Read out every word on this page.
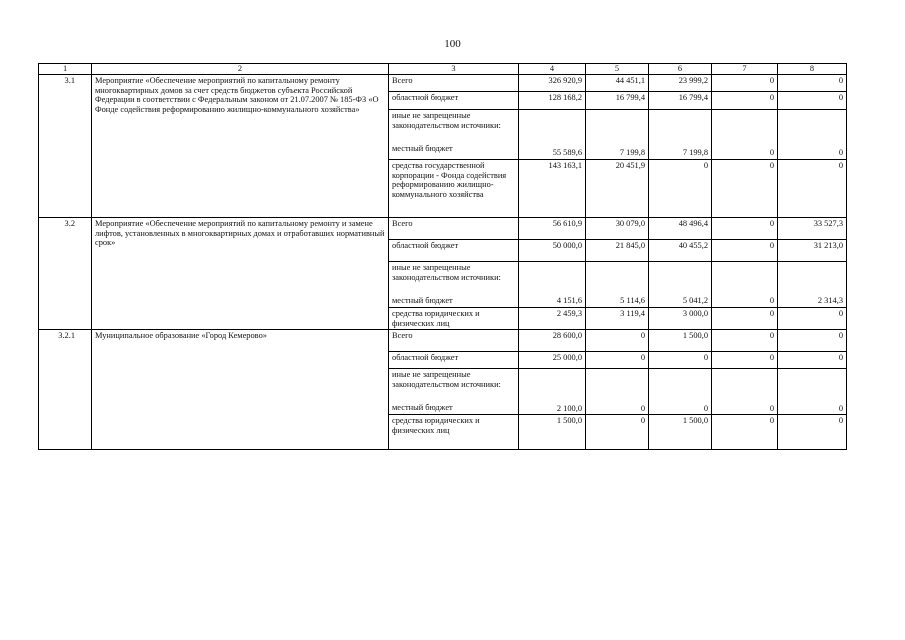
100
1	2	3	4	5	6	7	8
3.1	Мероприятие «Обеспечение мероприятий по капитальному ремонту многоквартирных домов за счет средств бюджетов субъекта Российской Федерации в соответствии с Федеральным законом от 21.07.2007 № 185-ФЗ «О Фонде содействия реформированию жилищно-коммунального хозяйства»	Всего	326 920,9	44 451,1	23 999,2	0	0
		областной бюджет	128 168,2	16 799,4	16 799,4	0	0
		иные не запрещенные законодательством источники:					
		местный бюджет	55 589,6	7 199,8	7 199,8	0	0
		средства государственной корпорации - Фонда содействия реформированию жилищно-коммунального хозяйства	143 163,1	20 451,9	0	0	0
3.2	Мероприятие «Обеспечение мероприятий по капитальному ремонту и замене лифтов, установленных в многоквартирных домах и отработавших нормативный срок»	Всего	56 610,9	30 079,0	48 496,4	0	33 527,3
		областной бюджет	50 000,0	21 845,0	40 455,2	0	31 213,0
		иные не запрещенные законодательством источники:					
		местный бюджет	4 151,6	5 114,6	5 041,2	0	2 314,3
		средства юридических и физических лиц	2 459,3	3 119,4	3 000,0	0	0
3.2.1	Муниципальное образование «Город Кемерово»	Всего	28 600,0	0	1 500,0	0	0
		областной бюджет	25 000,0	0	0	0	0
		иные не запрещенные законодательством источники:					
		местный бюджет	2 100,0	0	0	0	0
		средства юридических и физических лиц	1 500,0	0	1 500,0	0	0
